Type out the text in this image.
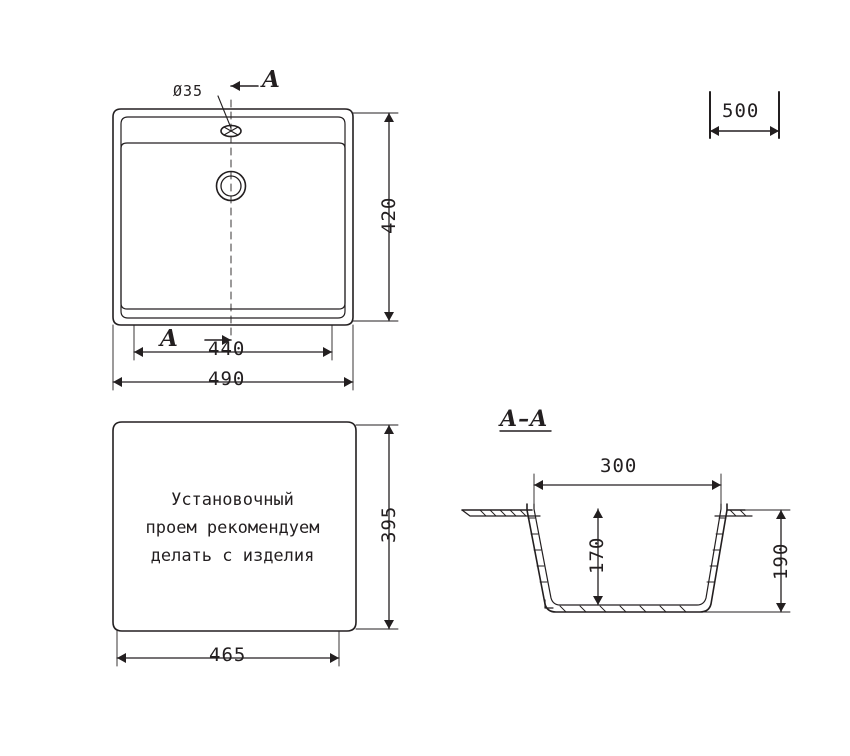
Ø35	A
A
420
440
490
Установочный
проем рекомендуем
делать с изделия
395
465
A–A
300
170	190
500
